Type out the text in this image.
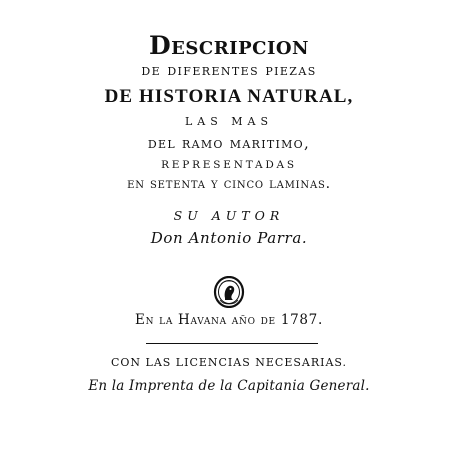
Descripcion
de diferentes piezas
DE HISTORIA NATURAL,
LAS MAS
del ramo maritimo,
REPRESENTADAS
en setenta y cinco laminas.
SU AUTOR
Don Antonio Parra.
En la Havana año de 1787.
CON LAS LICENCIAS NECESARIAS.
En la Imprenta de la Capitania General.
